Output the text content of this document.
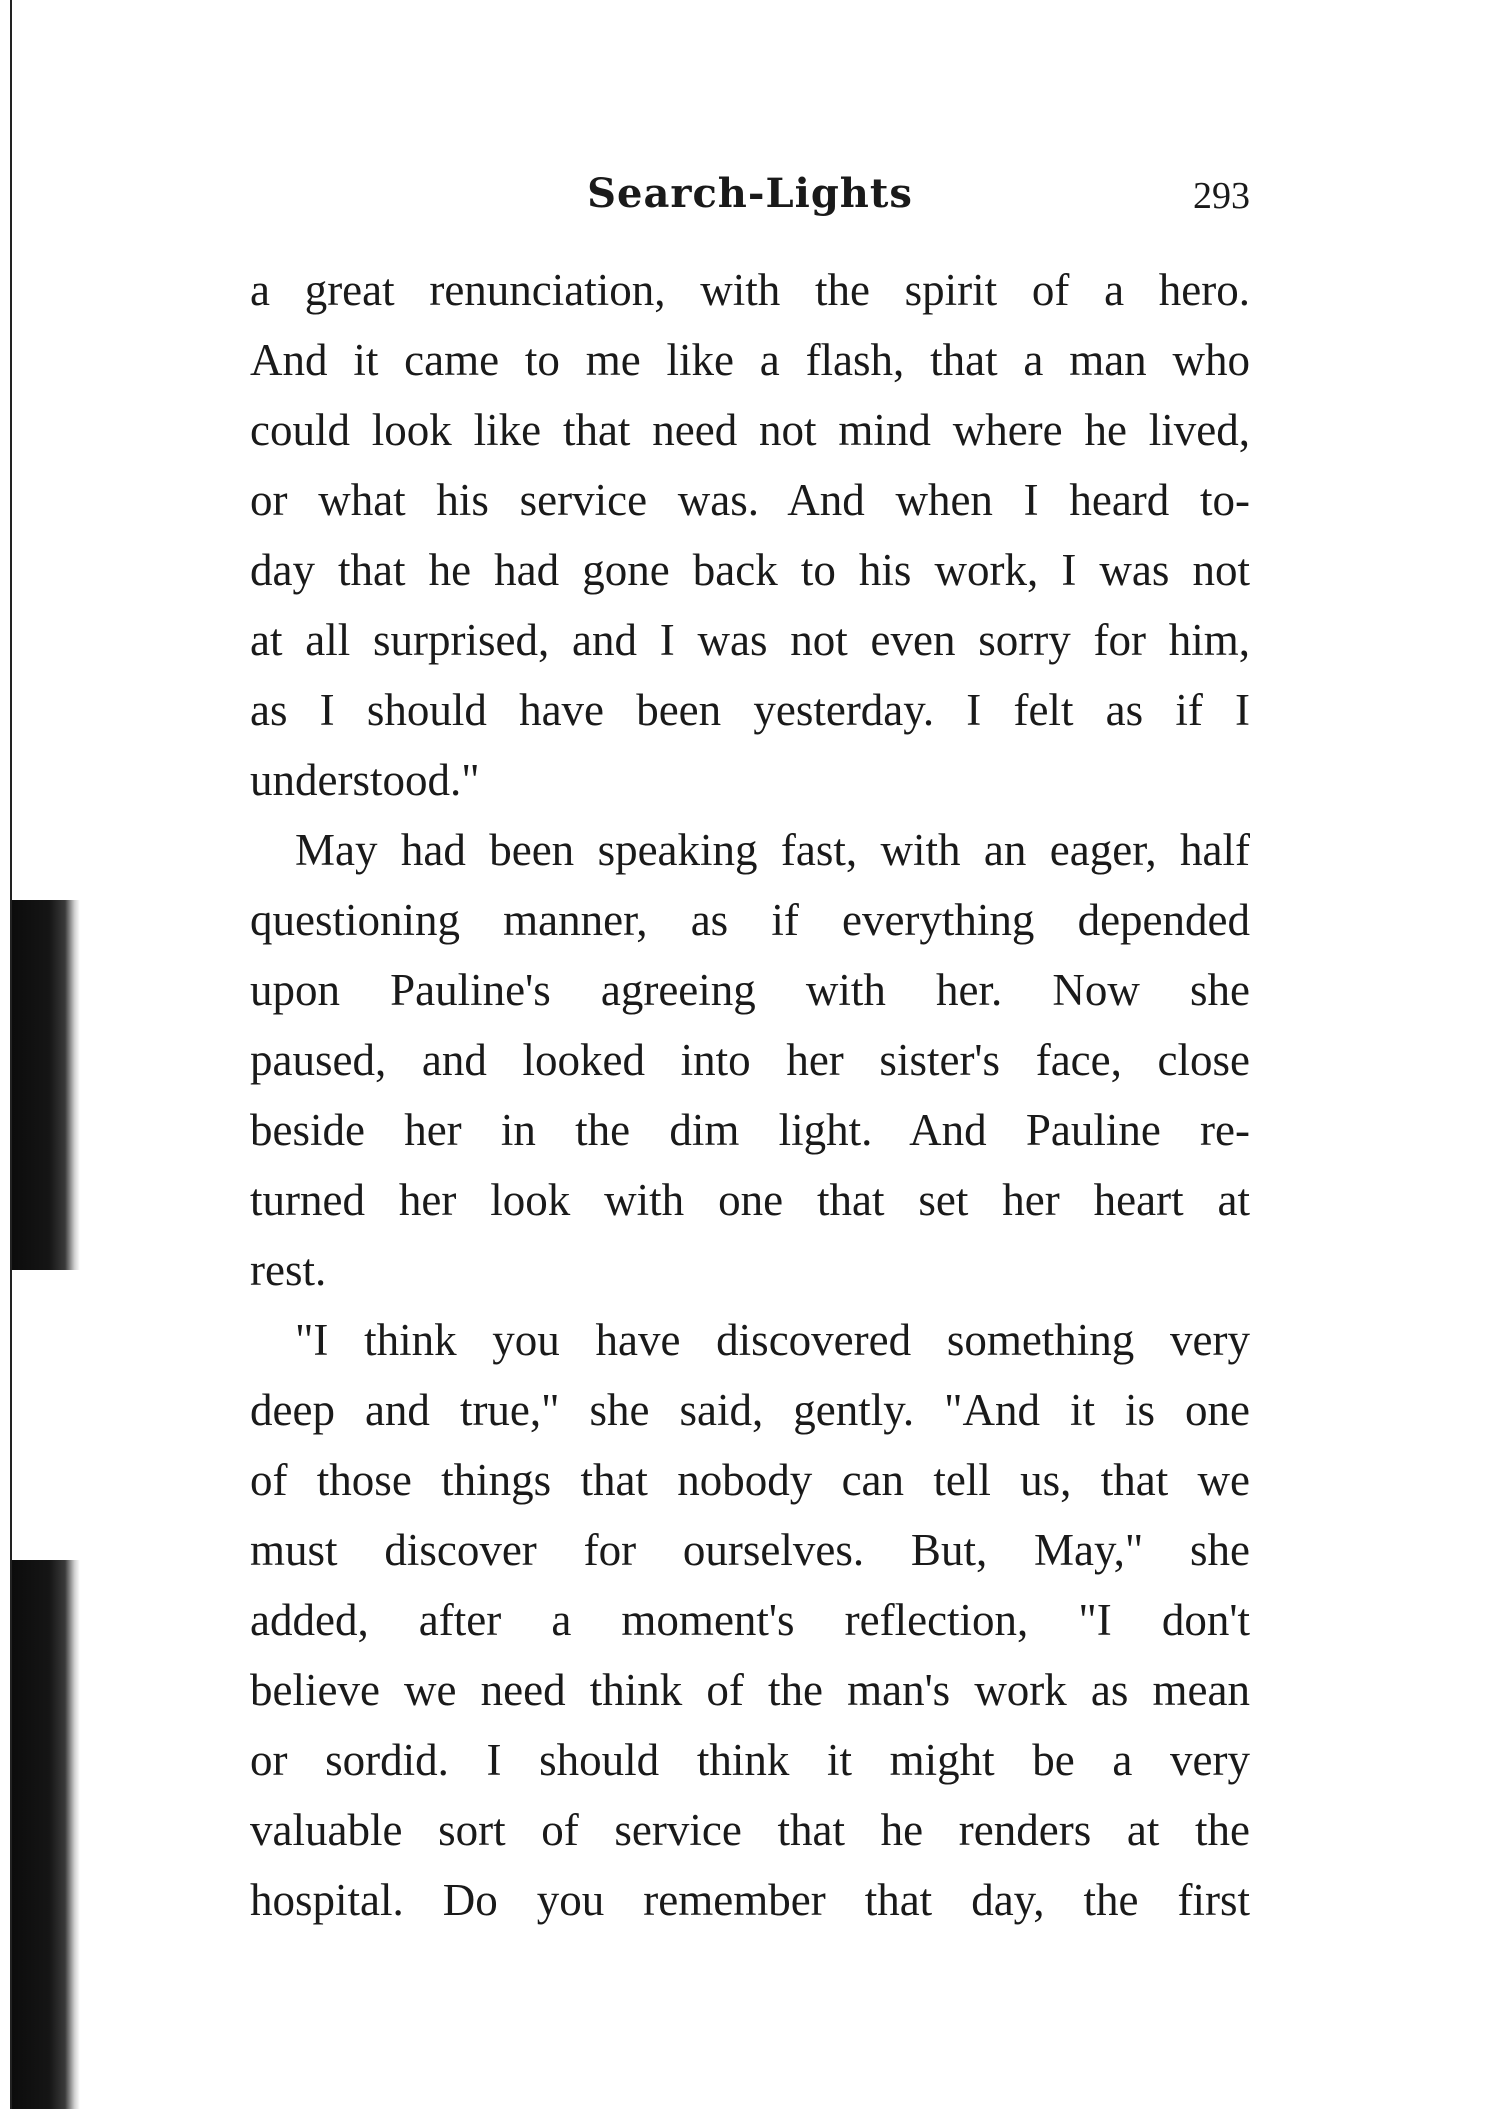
Search-Lights	293
a great renunciation, with the spirit of a hero.
And it came to me like a flash, that a man who
could look like that need not mind where he lived,
or what his service was. And when I heard to-
day that he had gone back to his work, I was not
at all surprised, and I was not even sorry for him,
as I should have been yesterday. I felt as if I
understood."
May had been speaking fast, with an eager, half
questioning manner, as if everything depended
upon Pauline's agreeing with her. Now she
paused, and looked into her sister's face, close
beside her in the dim light. And Pauline re-
turned her look with one that set her heart at
rest.
"I think you have discovered something very
deep and true," she said, gently. "And it is one
of those things that nobody can tell us, that we
must discover for ourselves. But, May," she
added, after a moment's reflection, "I don't
believe we need think of the man's work as mean
or sordid. I should think it might be a very
valuable sort of service that he renders at the
hospital. Do you remember that day, the first
